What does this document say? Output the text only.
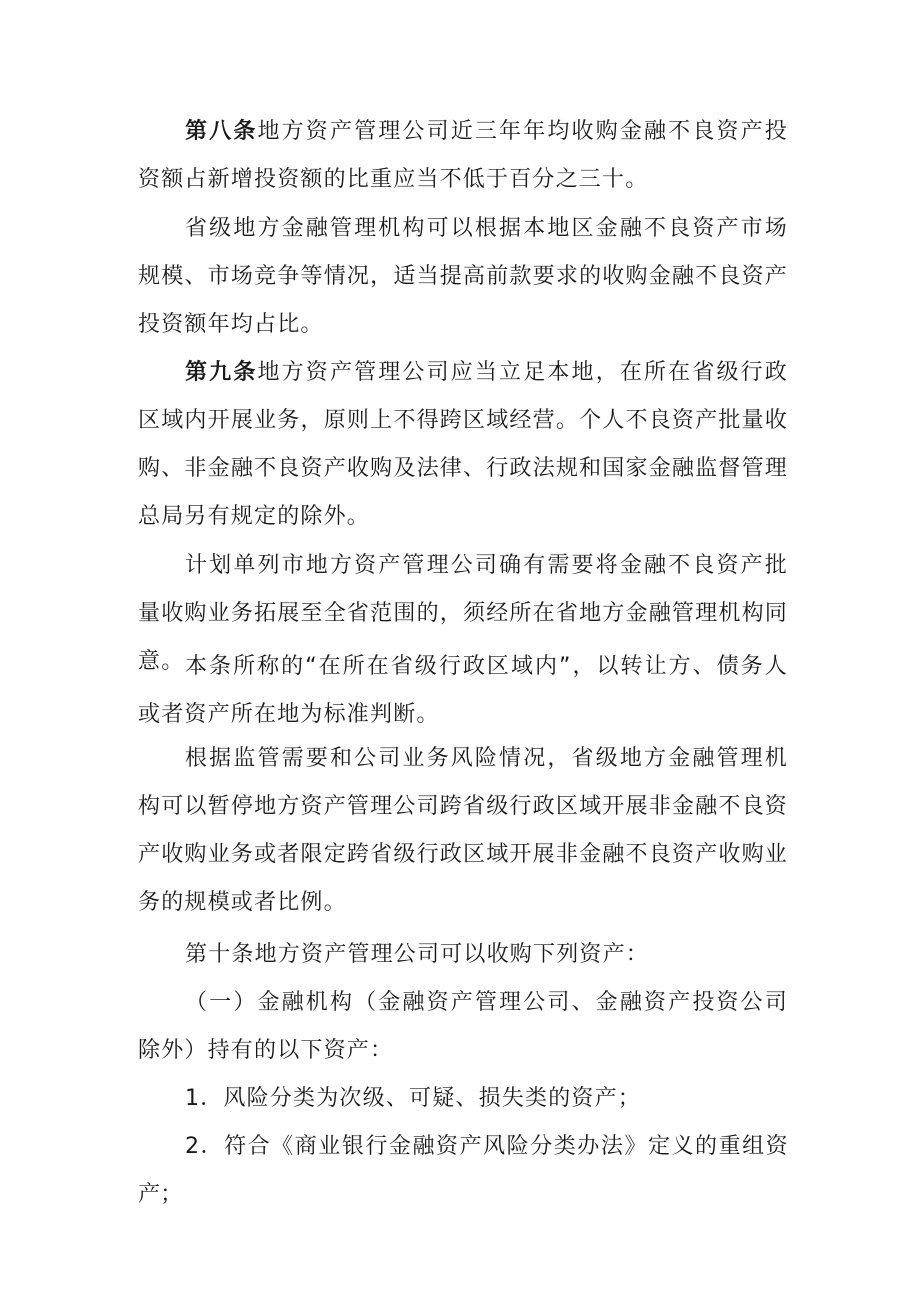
第八条地方资产管理公司近三年年均收购金融不良资产投资额占新增投资额的比重应当不低于百分之三十。

省级地方金融管理机构可以根据本地区金融不良资产市场规模、市场竞争等情况，适当提高前款要求的收购金融不良资产投资额年均占比。

第九条地方资产管理公司应当立足本地，在所在省级行政区域内开展业务，原则上不得跨区域经营。个人不良资产批量收购、非金融不良资产收购及法律、行政法规和国家金融监督管理总局另有规定的除外。

计划单列市地方资产管理公司确有需要将金融不良资产批量收购业务拓展至全省范围的，须经所在省地方金融管理机构同意。 本条所称的“在所在省级行政区域内”，以转让方、债务人或者资产所在地为标准判断。

根据监管需要和公司业务风险情况，省级地方金融管理机构可以暂停地方资产管理公司跨省级行政区域开展非金融不良资产收购业务或者限定跨省级行政区域开展非金融不良资产收购业务的规模或者比例。

第十条地方资产管理公司可以收购下列资产：

（一）金融机构（金融资产管理公司、金融资产投资公司除外）持有的以下资产：

1．风险分类为次级、可疑、损失类的资产；

2．符合《商业银行金融资产风险分类办法》定义的重组资产；
